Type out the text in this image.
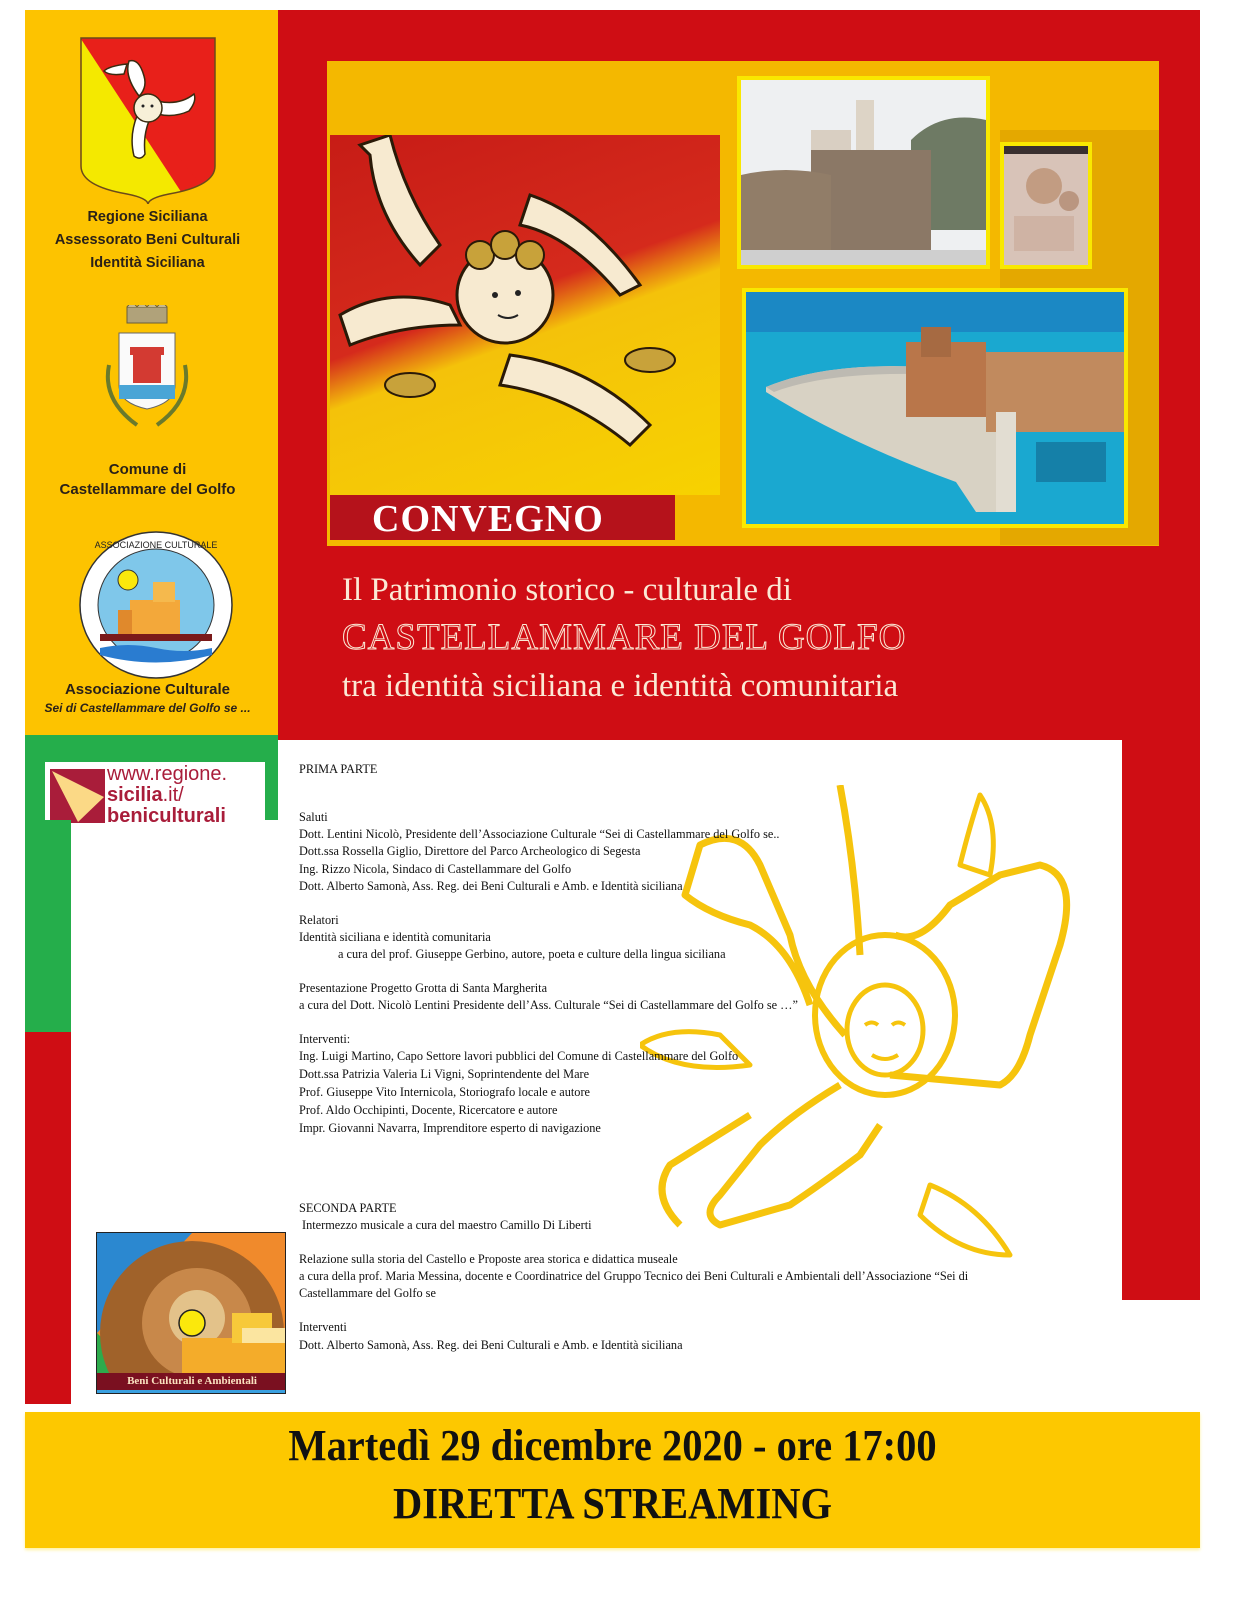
Regione Siciliana
Assessorato Beni Culturali
Identità Siciliana
Comune di
Castellammare del Golfo
ASSOCIAZIONE CULTURALE
Associazione Culturale
Sei di Castellammare del Golfo se ...
www.regione.
sicilia.it/
beniculturali
CONVEGNO
Il Patrimonio storico - culturale di
CASTELLAMMARE DEL GOLFO
tra identità siciliana e identità comunitaria
PRIMA PARTE
Saluti
Dott. Lentini Nicolò, Presidente dell’Associazione Culturale “Sei di Castellammare del Golfo se..
Dott.ssa Rossella Giglio, Direttore del Parco Archeologico di Segesta
Ing. Rizzo Nicola, Sindaco di Castellammare del Golfo
Dott. Alberto Samonà, Ass. Reg. dei Beni Culturali e Amb. e Identità siciliana
Relatori
Identità siciliana e identità comunitaria
a cura del prof. Giuseppe Gerbino, autore, poeta e culture della lingua siciliana
Presentazione Progetto Grotta di Santa Margherita
a cura del Dott. Nicolò Lentini Presidente dell’Ass. Culturale “Sei di Castellammare del Golfo se …”
Interventi:
Ing. Luigi Martino, Capo Settore lavori pubblici del Comune di Castellammare del Golfo
Dott.ssa Patrizia Valeria Li Vigni, Soprintendente del Mare
Prof. Giuseppe Vito Internicola, Storiografo locale e autore
Prof. Aldo Occhipinti, Docente, Ricercatore e autore
Impr. Giovanni Navarra, Imprenditore esperto di navigazione
SECONDA PARTE
Intermezzo musicale a cura del maestro Camillo Di Liberti
Relazione sulla storia del Castello e Proposte area storica e didattica museale
a cura della prof. Maria Messina, docente e Coordinatrice del Gruppo Tecnico dei Beni Culturali e Ambientali dell’Associazione “Sei di
Castellammare del Golfo se
Interventi
Dott. Alberto Samonà, Ass. Reg. dei Beni Culturali e Amb. e Identità siciliana
Beni Culturali e Ambientali
Martedì 29 dicembre 2020 - ore 17:00
DIRETTA STREAMING
